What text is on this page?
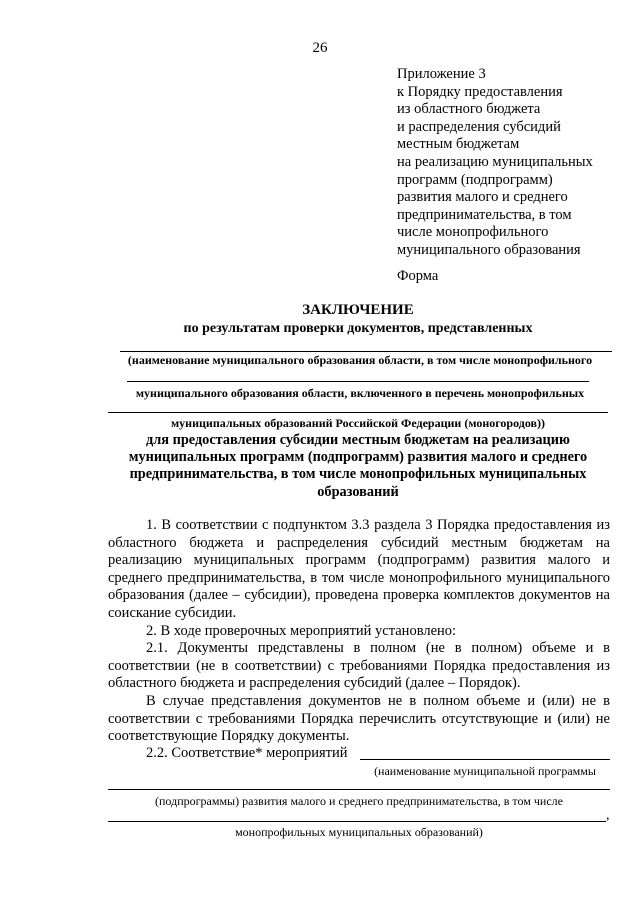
26
Приложение 3
к Порядку предоставления
из областного бюджета
и распределения субсидий
местным бюджетам
на реализацию муниципальных
программ (подпрограмм)
развития малого и среднего
предпринимательства, в том
числе монопрофильного
муниципального образования
Форма
ЗАКЛЮЧЕНИЕ
по результатам проверки документов, представленных
(наименование муниципального образования области, в том числе монопрофильного
муниципального образования области, включенного в перечень монопрофильных
муниципальных образований Российской Федерации (моногородов))
для предоставления субсидии местным бюджетам на реализацию муниципальных программ (подпрограмм) развития малого и среднего предпринимательства, в том числе монопрофильных муниципальных образований
1. В соответствии с подпунктом 3.3 раздела 3 Порядка предоставления из областного бюджета и распределения субсидий местным бюджетам на реализацию муниципальных программ (подпрограмм) развития малого и среднего предпринимательства, в том числе монопрофильного муниципального образования (далее – субсидии), проведена проверка комплектов документов на соискание субсидии.
2. В ходе проверочных мероприятий установлено:
2.1. Документы представлены в полном (не в полном) объеме и в соответствии (не в соответствии) с требованиями Порядка предоставления из областного бюджета и распределения субсидий (далее – Порядок).
В случае представления документов не в полном объеме и (или) не в соответствии с требованиями Порядка перечислить отсутствующие и (или) не соответствующие Порядку документы.
2.2. Соответствие* мероприятий
(наименование муниципальной программы
(подпрограммы) развития малого и среднего предпринимательства, в том числе
,
монопрофильных муниципальных образований)
